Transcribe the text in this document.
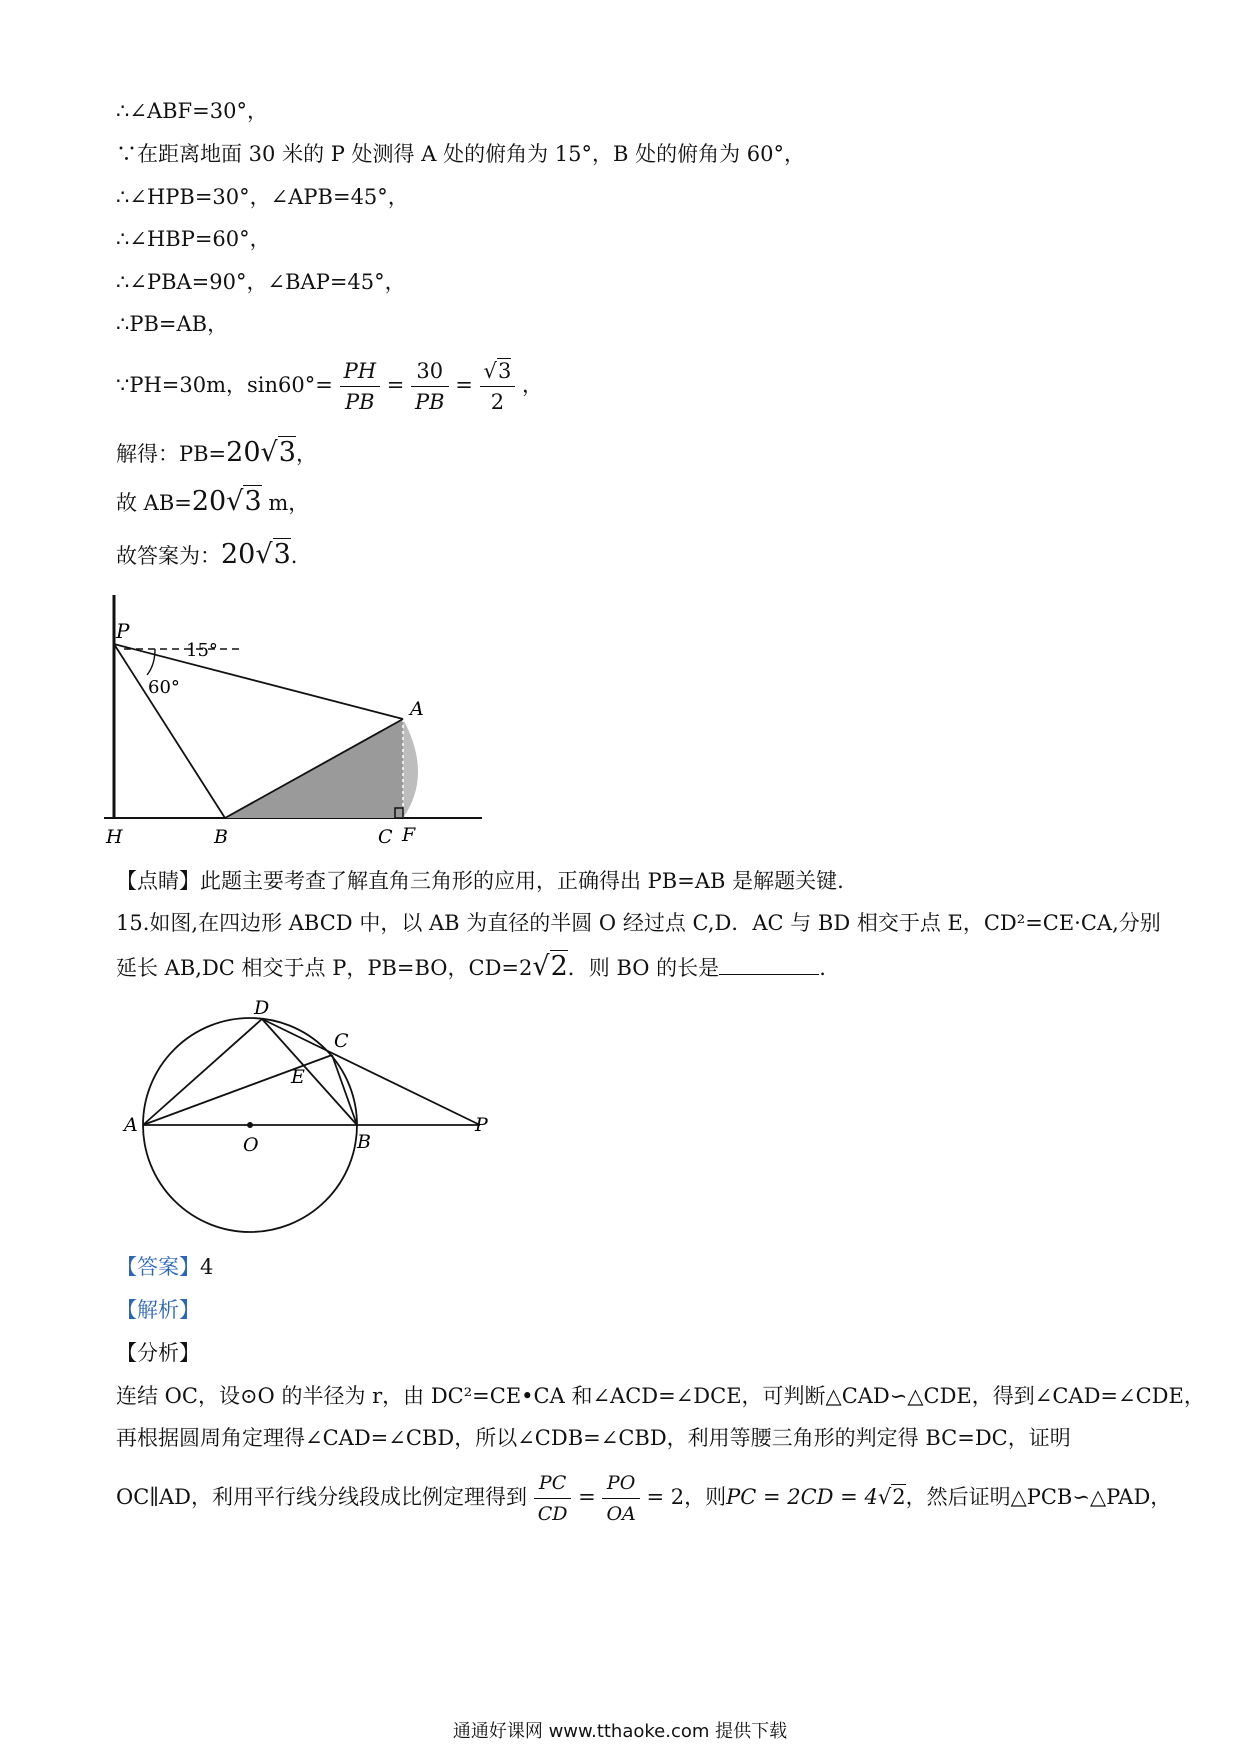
∴∠ABF=30°，
∵在距离地面 30 米的 P 处测得 A 处的俯角为 15°，B 处的俯角为 60°，
∴∠HPB=30°，∠APB=45°，
∴∠HBP=60°，
∴∠PBA=90°，∠BAP=45°，
∴PB=AB，
∵PH=30m，$\sin 60^\circ= \frac{PH}{PB} = \frac{30}{PB} = \frac{√3}{2}$ ，
解得：PB=20√3，
故 AB=20√3 m，
故答案为：20√3.
P
A
H	B	C F
15°
60°
【点睛】此题主要考查了解直角三角形的应用，正确得出 PB=AB 是解题关键.
15.如图,在四边形 ABCD 中，以 AB 为直径的半圆 O 经过点 C,D．AC 与 BD 相交于点 E，CD²=CE·CA,分别
延长 AB,DC 相交于点 P，PB=BO，CD=2√2．则 BO 的长是	.
D
C
E
A
O	B
P
【答案】4
【解析】
【分析】
连结 OC，设⊙O 的半径为 r，由 DC²=CE•CA 和∠ACD=∠DCE，可判断△CAD∽△CDE，得到∠CAD=∠CDE，
再根据圆周角定理得∠CAD=∠CBD，所以∠CDB=∠CBD，利用等腰三角形的判定得 BC=DC，证明
OC∥AD，利用平行线分线段成比例定理得到 $\frac{PC}{CD} = \frac{PO}{OA} = 2$，则PC = 2CD = 4√2，然后证明△PCB∽△PAD，
通通好课网 www.tthaoke.com 提供下载
